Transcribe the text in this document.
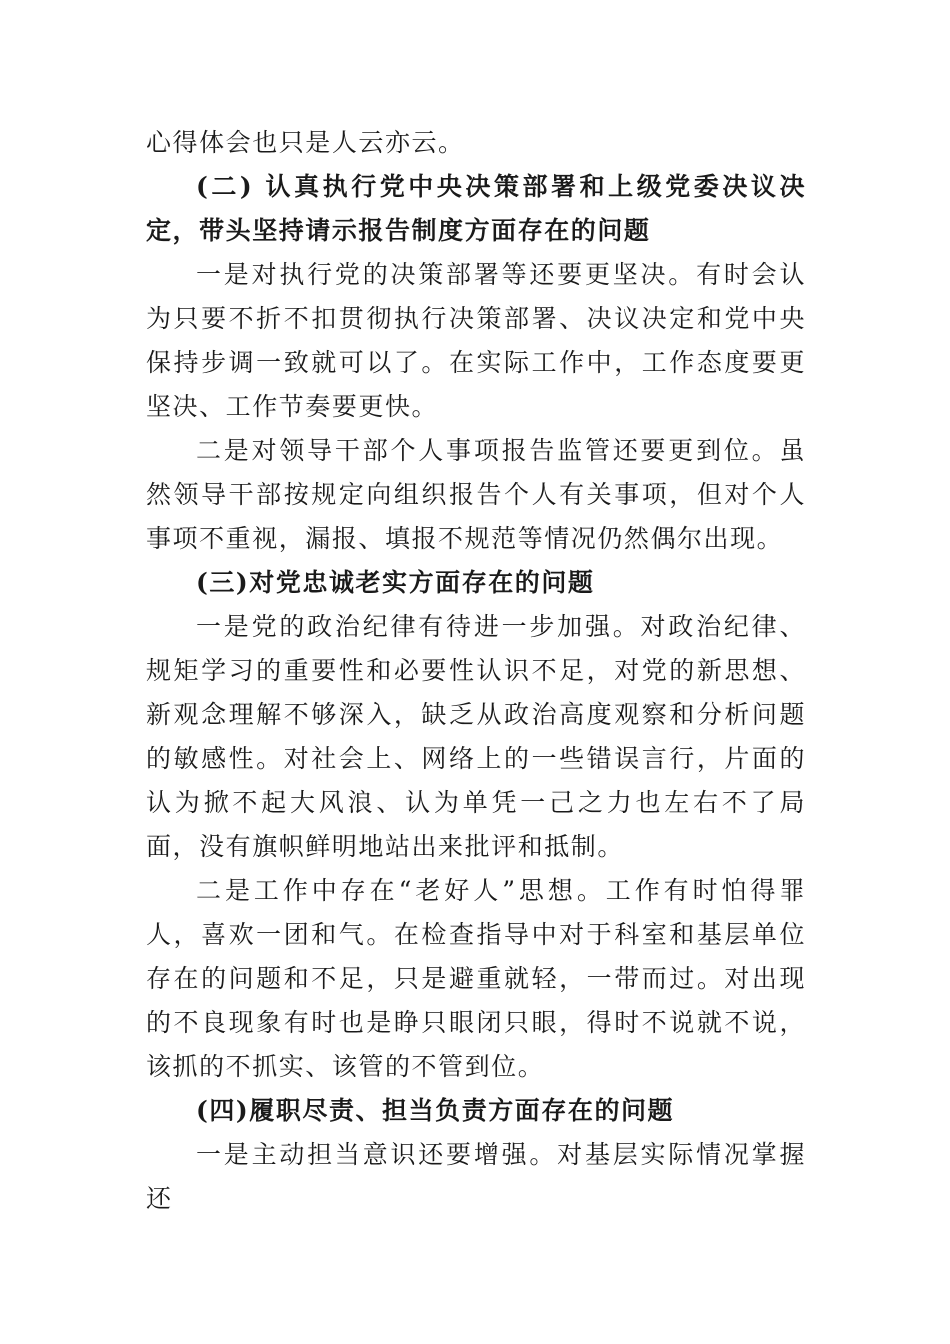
心得体会也只是人云亦云。

(二) 认真执行党中央决策部署和上级党委决议决定，带头坚持请示报告制度方面存在的问题

一是对执行党的决策部署等还要更坚决。有时会认为只要不折不扣贯彻执行决策部署、决议决定和党中央保持步调一致就可以了。在实际工作中，工作态度要更坚决、工作节奏要更快。

二是对领导干部个人事项报告监管还要更到位。虽然领导干部按规定向组织报告个人有关事项，但对个人事项不重视，漏报、填报不规范等情况仍然偶尔出现。

(三)对党忠诚老实方面存在的问题

一是党的政治纪律有待进一步加强。对政治纪律、规矩学习的重要性和必要性认识不足，对党的新思想、新观念理解不够深入，缺乏从政治高度观察和分析问题的敏感性。对社会上、网络上的一些错误言行，片面的认为掀不起大风浪、认为单凭一己之力也左右不了局面，没有旗帜鲜明地站出来批评和抵制。

二是工作中存在“老好人”思想。工作有时怕得罪人，喜欢一团和气。在检查指导中对于科室和基层单位存在的问题和不足，只是避重就轻，一带而过。对出现的不良现象有时也是睁只眼闭只眼，得时不说就不说，该抓的不抓实、该管的不管到位。

(四)履职尽责、担当负责方面存在的问题

一是主动担当意识还要增强。对基层实际情况掌握还
